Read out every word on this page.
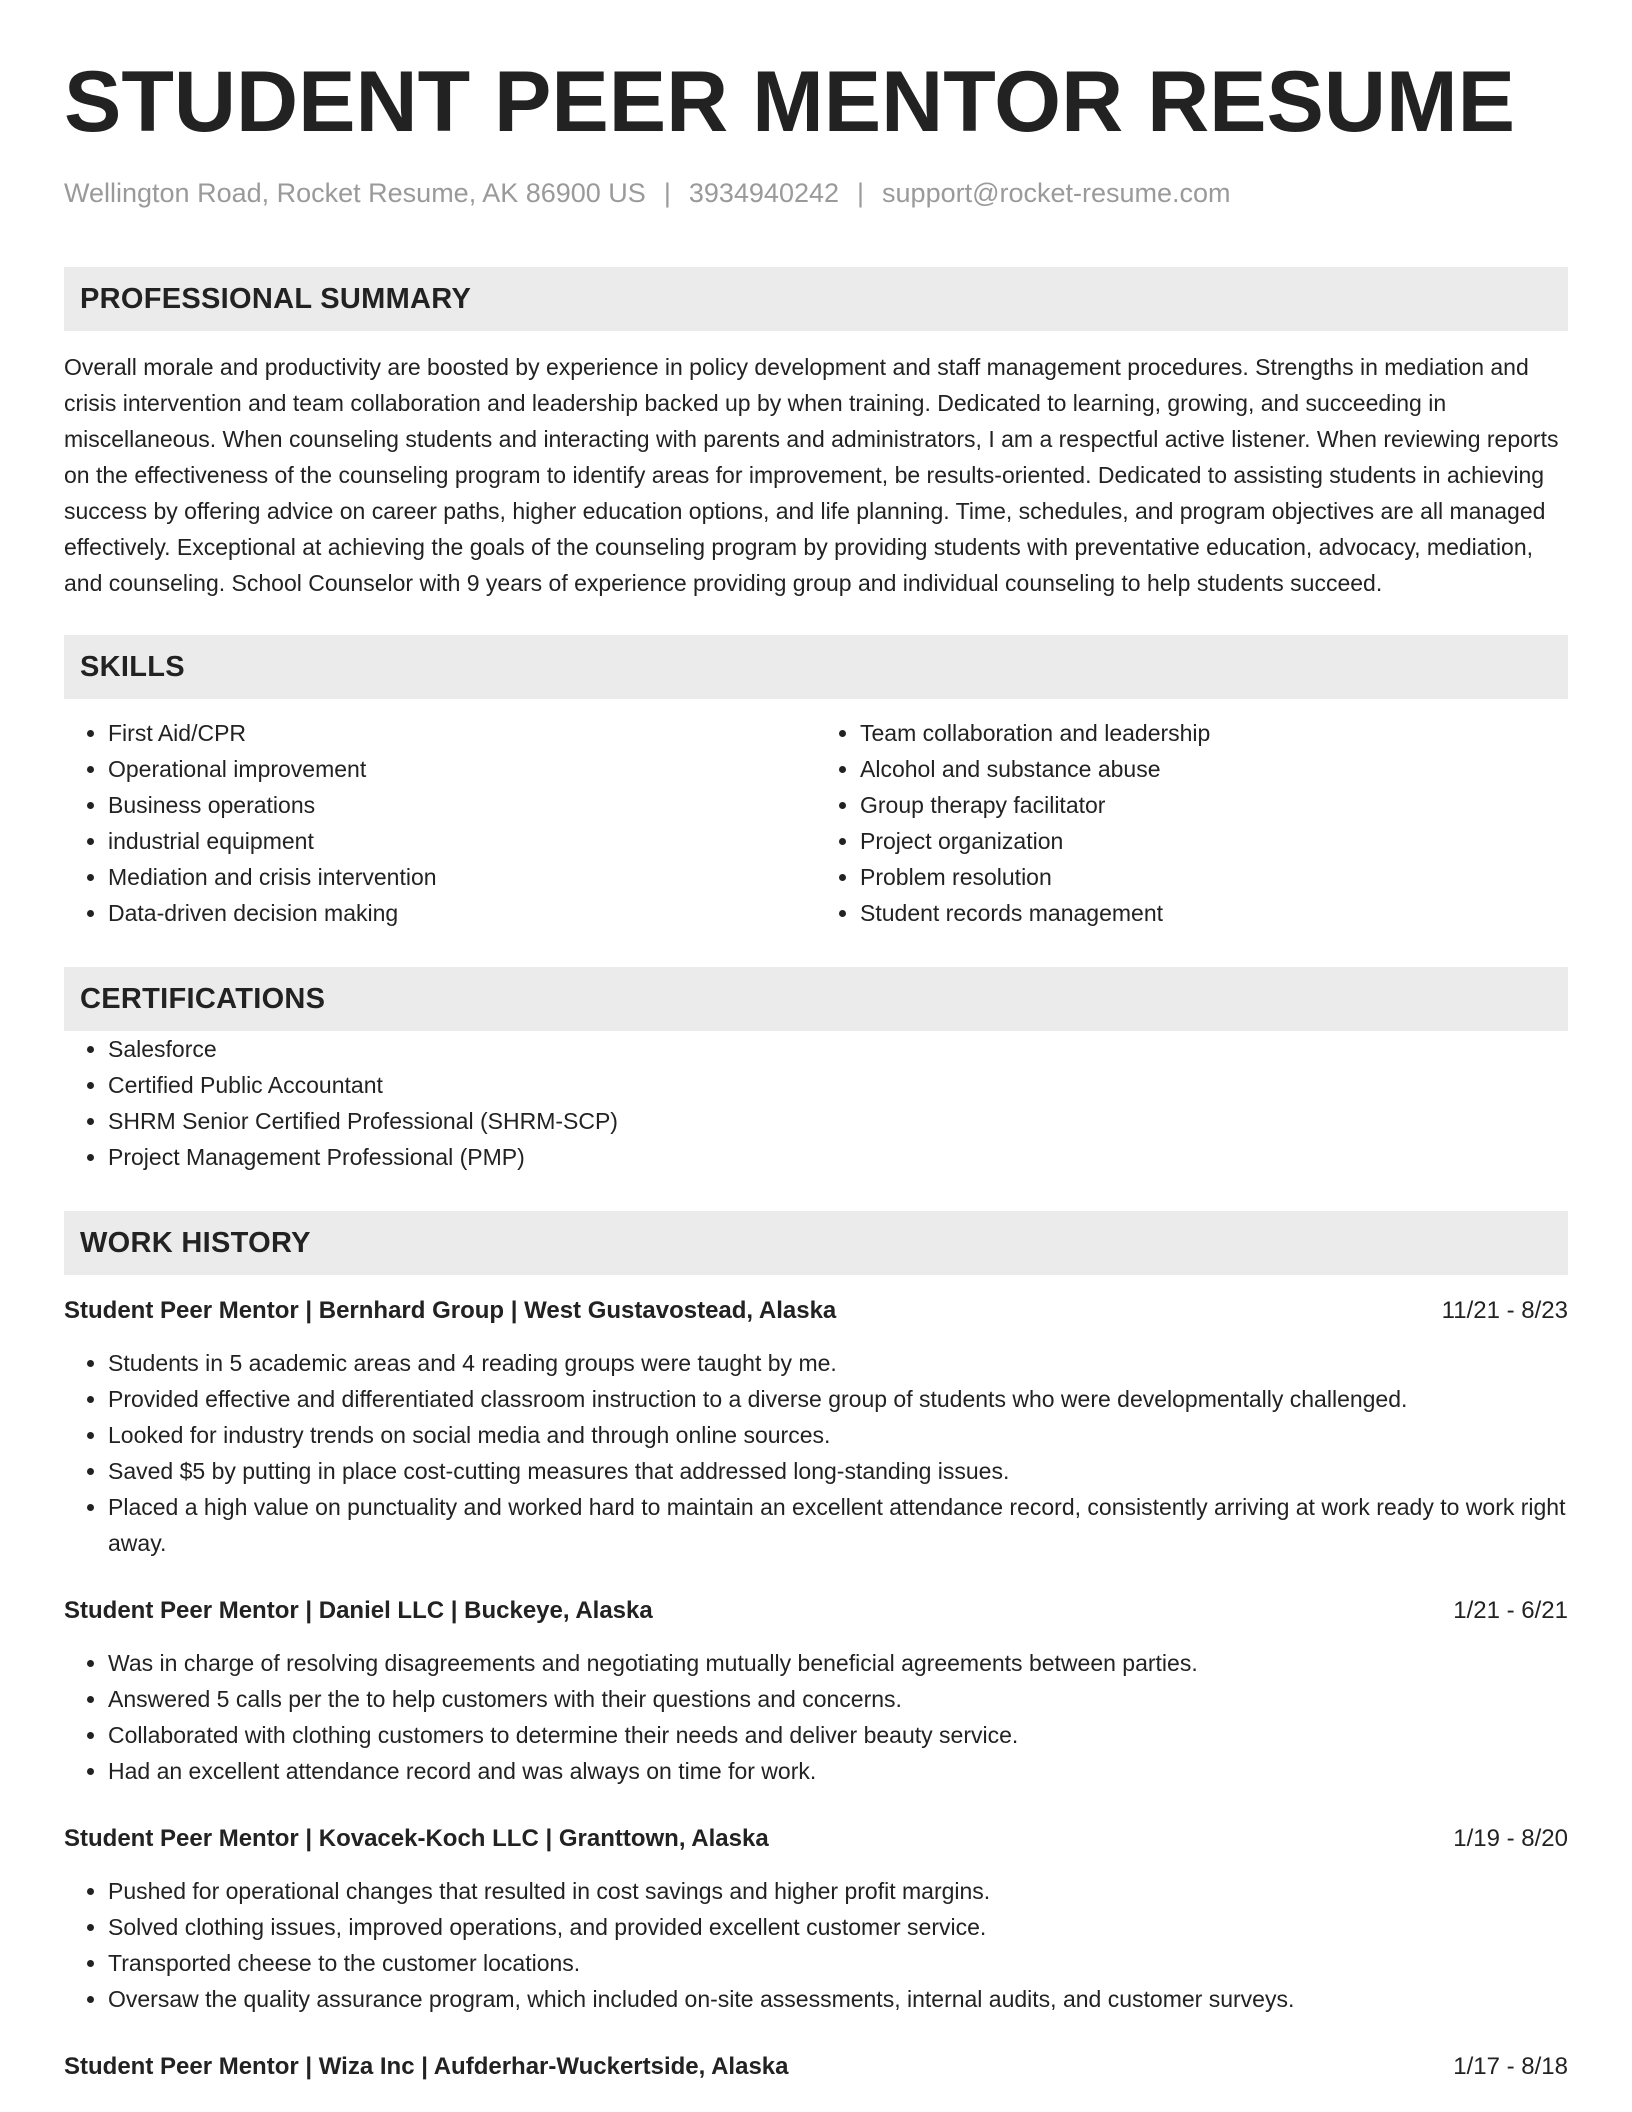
STUDENT PEER MENTOR RESUME
Wellington Road, Rocket Resume, AK 86900 US | 3934940242 | support@rocket-resume.com
PROFESSIONAL SUMMARY

Overall morale and productivity are boosted by experience in policy development and staff management procedures. Strengths in mediation and crisis intervention and team collaboration and leadership backed up by when training. Dedicated to learning, growing, and succeeding in miscellaneous. When counseling students and interacting with parents and administrators, I am a respectful active listener. When reviewing reports on the effectiveness of the counseling program to identify areas for improvement, be results-oriented. Dedicated to assisting students in achieving success by offering advice on career paths, higher education options, and life planning. Time, schedules, and program objectives are all managed effectively. Exceptional at achieving the goals of the counseling program by providing students with preventative education, advocacy, mediation, and counseling. School Counselor with 9 years of experience providing group and individual counseling to help students succeed.

SKILLS
• First Aid/CPR
• Operational improvement
• Business operations
• industrial equipment
• Mediation and crisis intervention
• Data-driven decision making
• Team collaboration and leadership
• Alcohol and substance abuse
• Group therapy facilitator
• Project organization
• Problem resolution
• Student records management
CERTIFICATIONS
• Salesforce
• Certified Public Accountant
• SHRM Senior Certified Professional (SHRM-SCP)
• Project Management Professional (PMP)
WORK HISTORY
Student Peer Mentor | Bernhard Group | West Gustavostead, Alaska	11/21 - 8/23
• Students in 5 academic areas and 4 reading groups were taught by me.
• Provided effective and differentiated classroom instruction to a diverse group of students who were developmentally challenged.
• Looked for industry trends on social media and through online sources.
• Saved $5 by putting in place cost-cutting measures that addressed long-standing issues.
• Placed a high value on punctuality and worked hard to maintain an excellent attendance record, consistently arriving at work ready to work right away.
Student Peer Mentor | Daniel LLC | Buckeye, Alaska	1/21 - 6/21
• Was in charge of resolving disagreements and negotiating mutually beneficial agreements between parties.
• Answered 5 calls per the to help customers with their questions and concerns.
• Collaborated with clothing customers to determine their needs and deliver beauty service.
• Had an excellent attendance record and was always on time for work.
Student Peer Mentor | Kovacek-Koch LLC | Granttown, Alaska	1/19 - 8/20
• Pushed for operational changes that resulted in cost savings and higher profit margins.
• Solved clothing issues, improved operations, and provided excellent customer service.
• Transported cheese to the customer locations.
• Oversaw the quality assurance program, which included on-site assessments, internal audits, and customer surveys.
Student Peer Mentor | Wiza Inc | Aufderhar-Wuckertside, Alaska	1/17 - 8/18
